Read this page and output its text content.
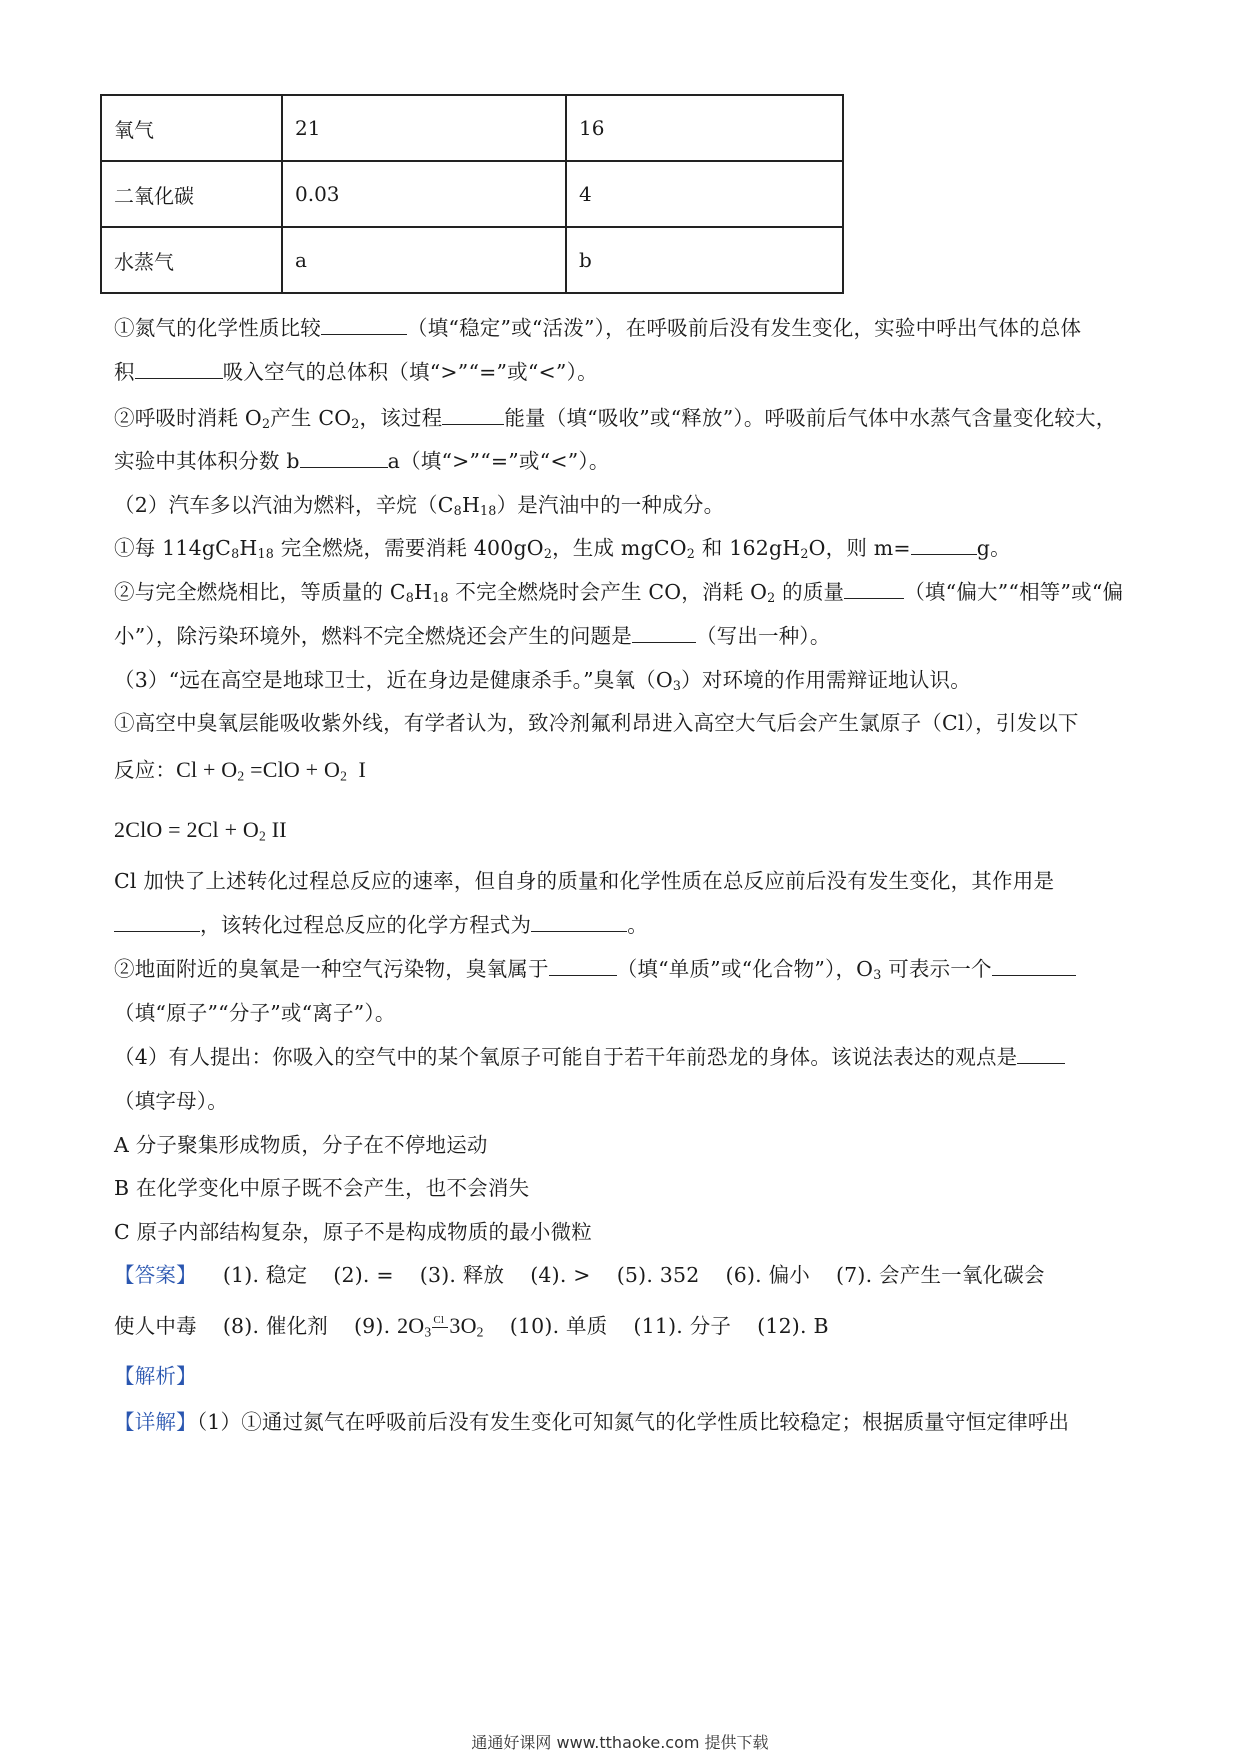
氧气	21	16
二氧化碳	0.03	4
水蒸气	a	b
①氮气的化学性质比较	（填“稳定”或“活泼”），在呼吸前后没有发生变化，实验中呼出气体的总体
积	吸入空气的总体积（填“>”“=”或“<”）。
②呼吸时消耗 $O_2$产生 $CO_2$，该过程	能量（填“吸收”或“释放”）。呼吸前后气体中水蒸气含量变化较大，
实验中其体积分数 b	a（填“>”“=”或“<”）。
（2）汽车多以汽油为燃料，辛烷$(C_8H_{18})$是汽油中的一种成分。
①每 $114gC_8H_{18}$ 完全燃烧，需要消耗 $400gO_2$，生成 mgCO$_2$ 和 $162gH_2O$，则 m=	g。
②与完全燃烧相比，等质量的 $C_8H_{18}$ 不完全燃烧时会产生 CO，消耗 $O_2$ 的质量	（填“偏大”“相等”或“偏
小”），除污染环境外，燃料不完全燃烧还会产生的问题是	（写出一种）。
（3）“远在高空是地球卫士，近在身边是健康杀手。”臭氧$(O_3)$对环境的作用需辩证地认识。
①高空中臭氧层能吸收紫外线，有学者认为，致冷剂氟利昂进入高空大气后会产生氯原子（Cl），引发以下
反应：$Cl + O_2 =ClO + O_2$ I
$2ClO = 2Cl + O_2$ II
Cl 加快了上述转化过程总反应的速率，但自身的质量和化学性质在总反应前后没有发生变化，其作用是
，该转化过程总反应的化学方程式为	。
②地面附近的臭氧是一种空气污染物，臭氧属于	（填“单质”或“化合物”），$O_3$ 可表示一个
（填“原子”“分子”或“离子”）。
（4）有人提出：你吸入的空气中的某个氧原子可能自于若干年前恐龙的身体。该说法表达的观点是
（填字母）。
A 分子聚集形成物质，分子在不停地运动
B 在化学变化中原子既不会产生，也不会消失
C 原子内部结构复杂，原子不是构成物质的最小微粒
【答案】 (1). 稳定 (2). = (3). 释放 (4). > (5). 352 (6). 偏小 (7). 会产生一氧化碳会
使人中毒 (8). 催化剂 (9). $2O_3$
Cl $3O_2$ (10). 单质 (11). 分子 (12). B
【解析】
【详解】（1）①通过氮气在呼吸前后没有发生变化可知氮气的化学性质比较稳定；根据质量守恒定律呼出
通通好课网 www.tthaoke.com 提供下载
